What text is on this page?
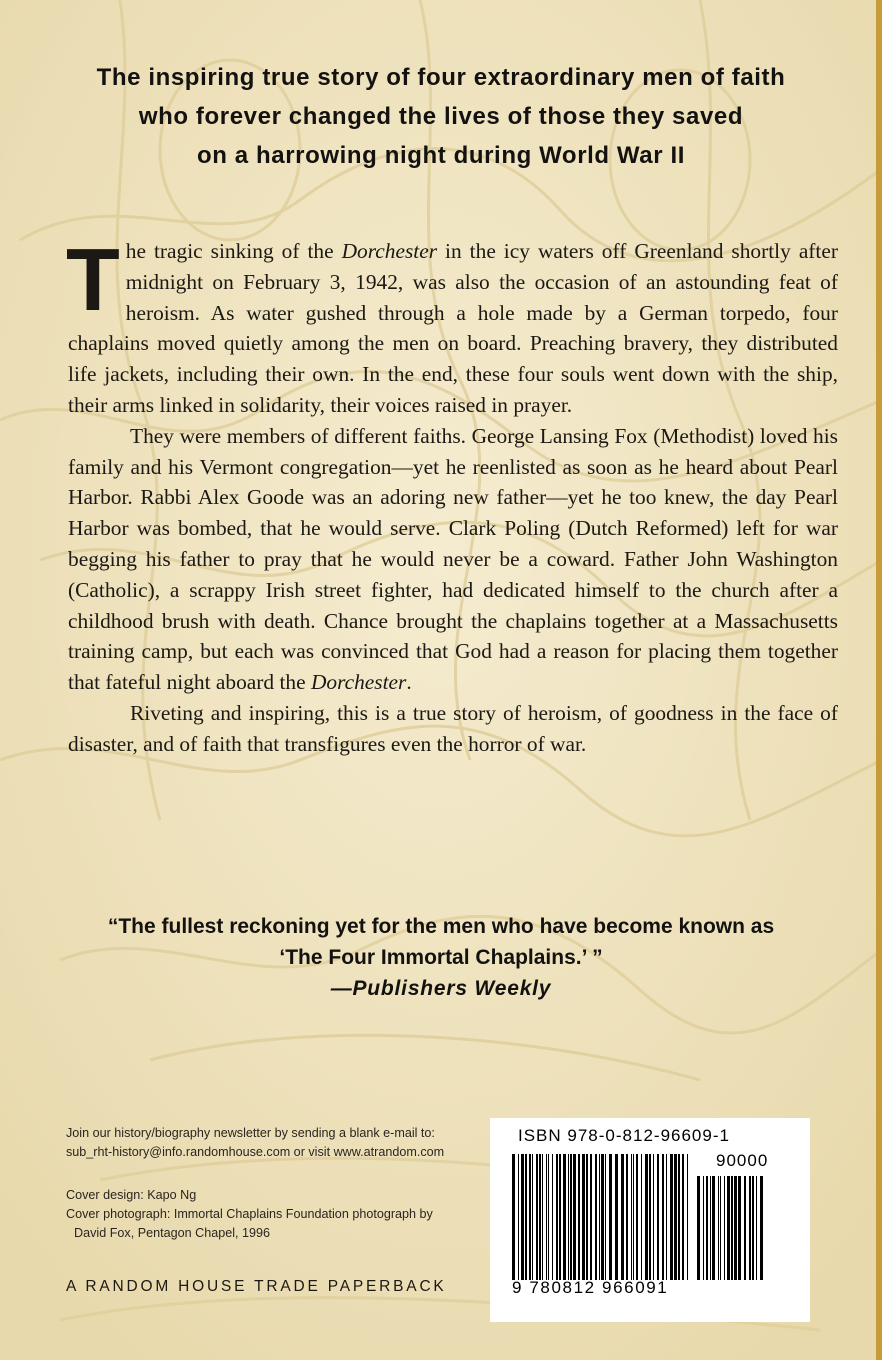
The inspiring true story of four extraordinary men of faith
who forever changed the lives of those they saved
on a harrowing night during World War II

The tragic sinking of the Dorchester in the icy waters off Greenland shortly after midnight on February 3, 1942, was also the occasion of an astounding feat of heroism. As water gushed through a hole made by a German torpedo, four chaplains moved quietly among the men on board. Preaching bravery, they distributed life jackets, including their own. In the end, these four souls went down with the ship, their arms linked in solidarity, their voices raised in prayer.

They were members of different faiths. George Lansing Fox (Methodist) loved his family and his Vermont congregation—yet he reenlisted as soon as he heard about Pearl Harbor. Rabbi Alex Goode was an adoring new father—yet he too knew, the day Pearl Harbor was bombed, that he would serve. Clark Poling (Dutch Reformed) left for war begging his father to pray that he would never be a coward. Father John Washington (Catholic), a scrappy Irish street fighter, had dedicated himself to the church after a childhood brush with death. Chance brought the chaplains together at a Massachusetts training camp, but each was convinced that God had a reason for placing them together that fateful night aboard the Dorchester.

Riveting and inspiring, this is a true story of heroism, of goodness in the face of disaster, and of faith that transfigures even the horror of war.

“The fullest reckoning yet for the men who have become known as
‘The Four Immortal Chaplains.’ ”
—Publishers Weekly
Join our history/biography newsletter by sending a blank e-mail to:
sub_rht-history@info.randomhouse.com or visit www.atrandom.com
Cover design: Kapo Ng
Cover photograph: Immortal Chaplains Foundation photograph by
David Fox, Pentagon Chapel, 1996
A RANDOM HOUSE TRADE PAPERBACK
ISBN 978-0-812-96609-1
90000
9 780812 966091
